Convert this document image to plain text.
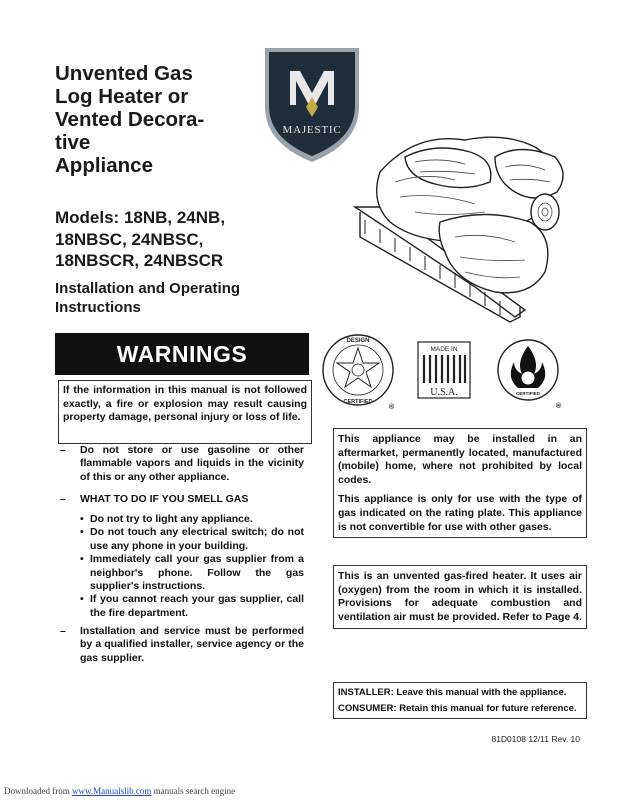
Unvented Gas
Log Heater or
Vented Decora-
tive
Appliance
Models: 18NB, 24NB,
18NBSC, 24NBSC,
18NBSCR, 24NBSCR
Installation and Operating
Instructions
MAJESTIC
WARNINGS
If the information in this manual is not followed exactly, a fire or explosion may result causing property damage, personal injury or loss of life.
– Do not store or use gasoline or other flammable vapors and liquids in the vicinity of this or any other appliance.
– WHAT TO DO IF YOU SMELL GAS
• Do not try to light any appliance.
• Do not touch any electrical switch; do not use any phone in your building.
• Immediately call your gas supplier from a neighbor's phone. Follow the gas supplier's instructions.
• If you cannot reach your gas supplier, call the fire department.
– Installation and service must be performed by a qualified installer, service agency or the gas supplier.
DESIGN
CERTIFIED
®
MADE IN
U.S.A.	CERTIFIED
®

This appliance may be installed in an aftermarket, permanently located, manufactured (mobile) home, where not prohibited by local codes.

This appliance is only for use with the type of gas indicated on the rating plate. This appliance is not convertible for use with other gases.

This is an unvented gas-fired heater. It uses air (oxygen) from the room in which it is installed. Provisions for adequate combustion and ventilation air must be provided. Refer to Page 4.

INSTALLER: Leave this manual with the appliance.

CONSUMER: Retain this manual for future reference.

81D0108 12/11 Rev. 10
Downloaded from www.Manualslib.com manuals search engine
